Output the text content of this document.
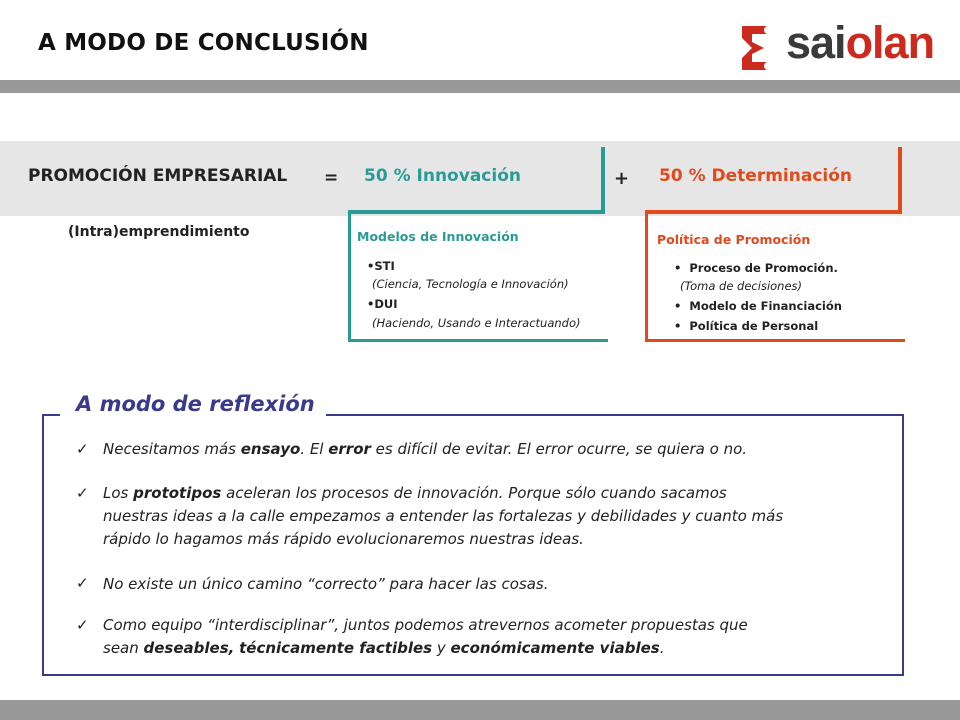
A MODO DE CONCLUSIÓN	saiolan
PROMOCIÓN EMPRESARIAL = 50 % Innovación	+ 50 % Determinación
(Intra)emprendimiento	Modelos de Innovación
•STI
(Ciencia, Tecnología e Innovación)
•DUI
(Haciendo, Usando e Interactuando)
Política de Promoción
• Proceso de Promoción.
(Toma de decisiones)
• Modelo de Financiación
• Política de Personal
A modo de reflexión
✓ Necesitamos más ensayo. El error es difícil de evitar. El error ocurre, se quiera o no.
✓ Los prototipos aceleran los procesos de innovación. Porque sólo cuando sacamos
nuestras ideas a la calle empezamos a entender las fortalezas y debilidades y cuanto más
rápido lo hagamos más rápido evolucionaremos nuestras ideas.
✓ No existe un único camino “correcto” para hacer las cosas.
✓ Como equipo “interdisciplinar”, juntos podemos atrevernos acometer propuestas que
sean deseables, técnicamente factibles y económicamente viables.
